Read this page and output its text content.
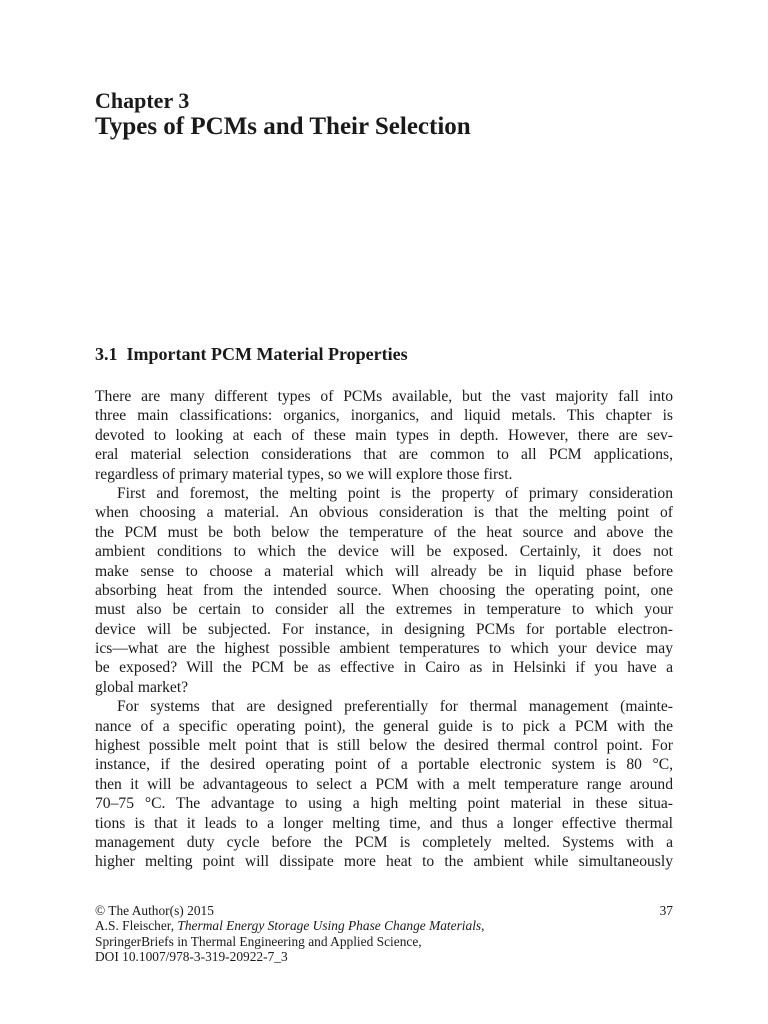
Chapter 3
Types of PCMs and Their Selection
3.1 Important PCM Material Properties
There are many different types of PCMs available, but the vast majority fall into
three main classifications: organics, inorganics, and liquid metals. This chapter is
devoted to looking at each of these main types in depth. However, there are sev-
eral material selection considerations that are common to all PCM applications,
regardless of primary material types, so we will explore those first.
First and foremost, the melting point is the property of primary consideration
when choosing a material. An obvious consideration is that the melting point of
the PCM must be both below the temperature of the heat source and above the
ambient conditions to which the device will be exposed. Certainly, it does not
make sense to choose a material which will already be in liquid phase before
absorbing heat from the intended source. When choosing the operating point, one
must also be certain to consider all the extremes in temperature to which your
device will be subjected. For instance, in designing PCMs for portable electron-
ics—what are the highest possible ambient temperatures to which your device may
be exposed? Will the PCM be as effective in Cairo as in Helsinki if you have a
global market?
For systems that are designed preferentially for thermal management (mainte-
nance of a specific operating point), the general guide is to pick a PCM with the
highest possible melt point that is still below the desired thermal control point. For
instance, if the desired operating point of a portable electronic system is 80 °C,
then it will be advantageous to select a PCM with a melt temperature range around
70–75 °C. The advantage to using a high melting point material in these situa-
tions is that it leads to a longer melting time, and thus a longer effective thermal
management duty cycle before the PCM is completely melted. Systems with a
higher melting point will dissipate more heat to the ambient while simultaneously
© The Author(s) 2015
A.S. Fleischer, Thermal Energy Storage Using Phase Change Materials,
SpringerBriefs in Thermal Engineering and Applied Science,
DOI 10.1007/978-3-319-20922-7_3
37
